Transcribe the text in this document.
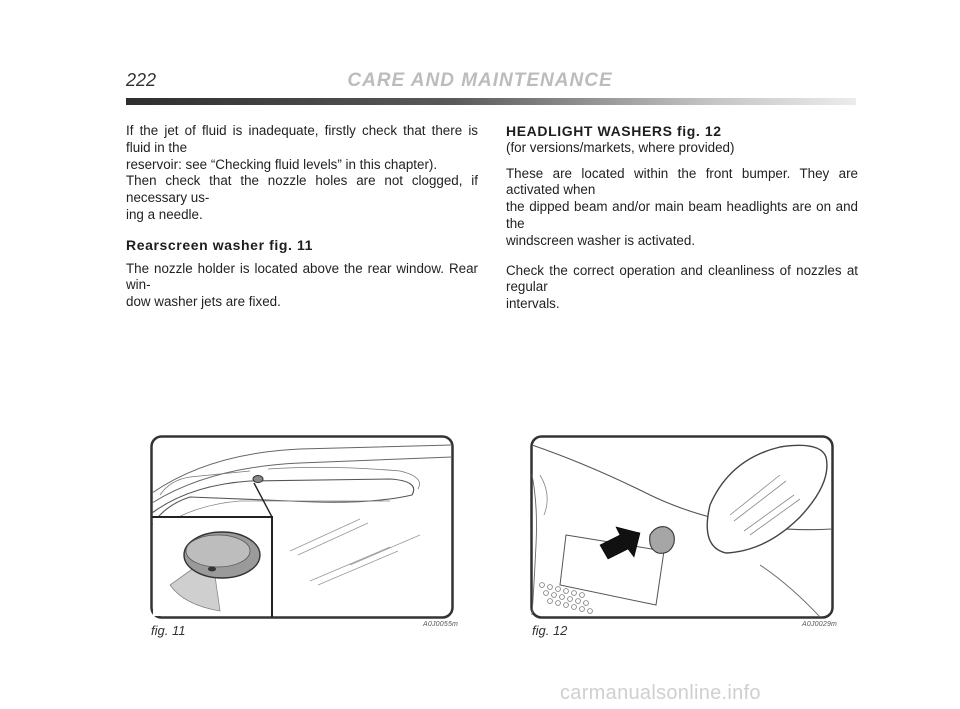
222	CARE AND MAINTENANCE

If the jet of fluid is inadequate, firstly check that there is fluid in the

reservoir: see “Checking fluid levels” in this chapter).

Then check that the nozzle holes are not clogged, if necessary us-

ing a needle.

Rearscreen washer fig. 11

The nozzle holder is located above the rear window. Rear win-

dow washer jets are fixed.

HEADLIGHT WASHERS fig. 12

(for versions/markets, where provided)

These are located within the front bumper. They are activated when

the dipped beam and/or main beam headlights are on and the

windscreen washer is activated.

Check the correct operation and cleanliness of nozzles at regular

intervals.

fig. 11	A0J0055m	fig. 12	A0J0029m
carmanualsonline.info
